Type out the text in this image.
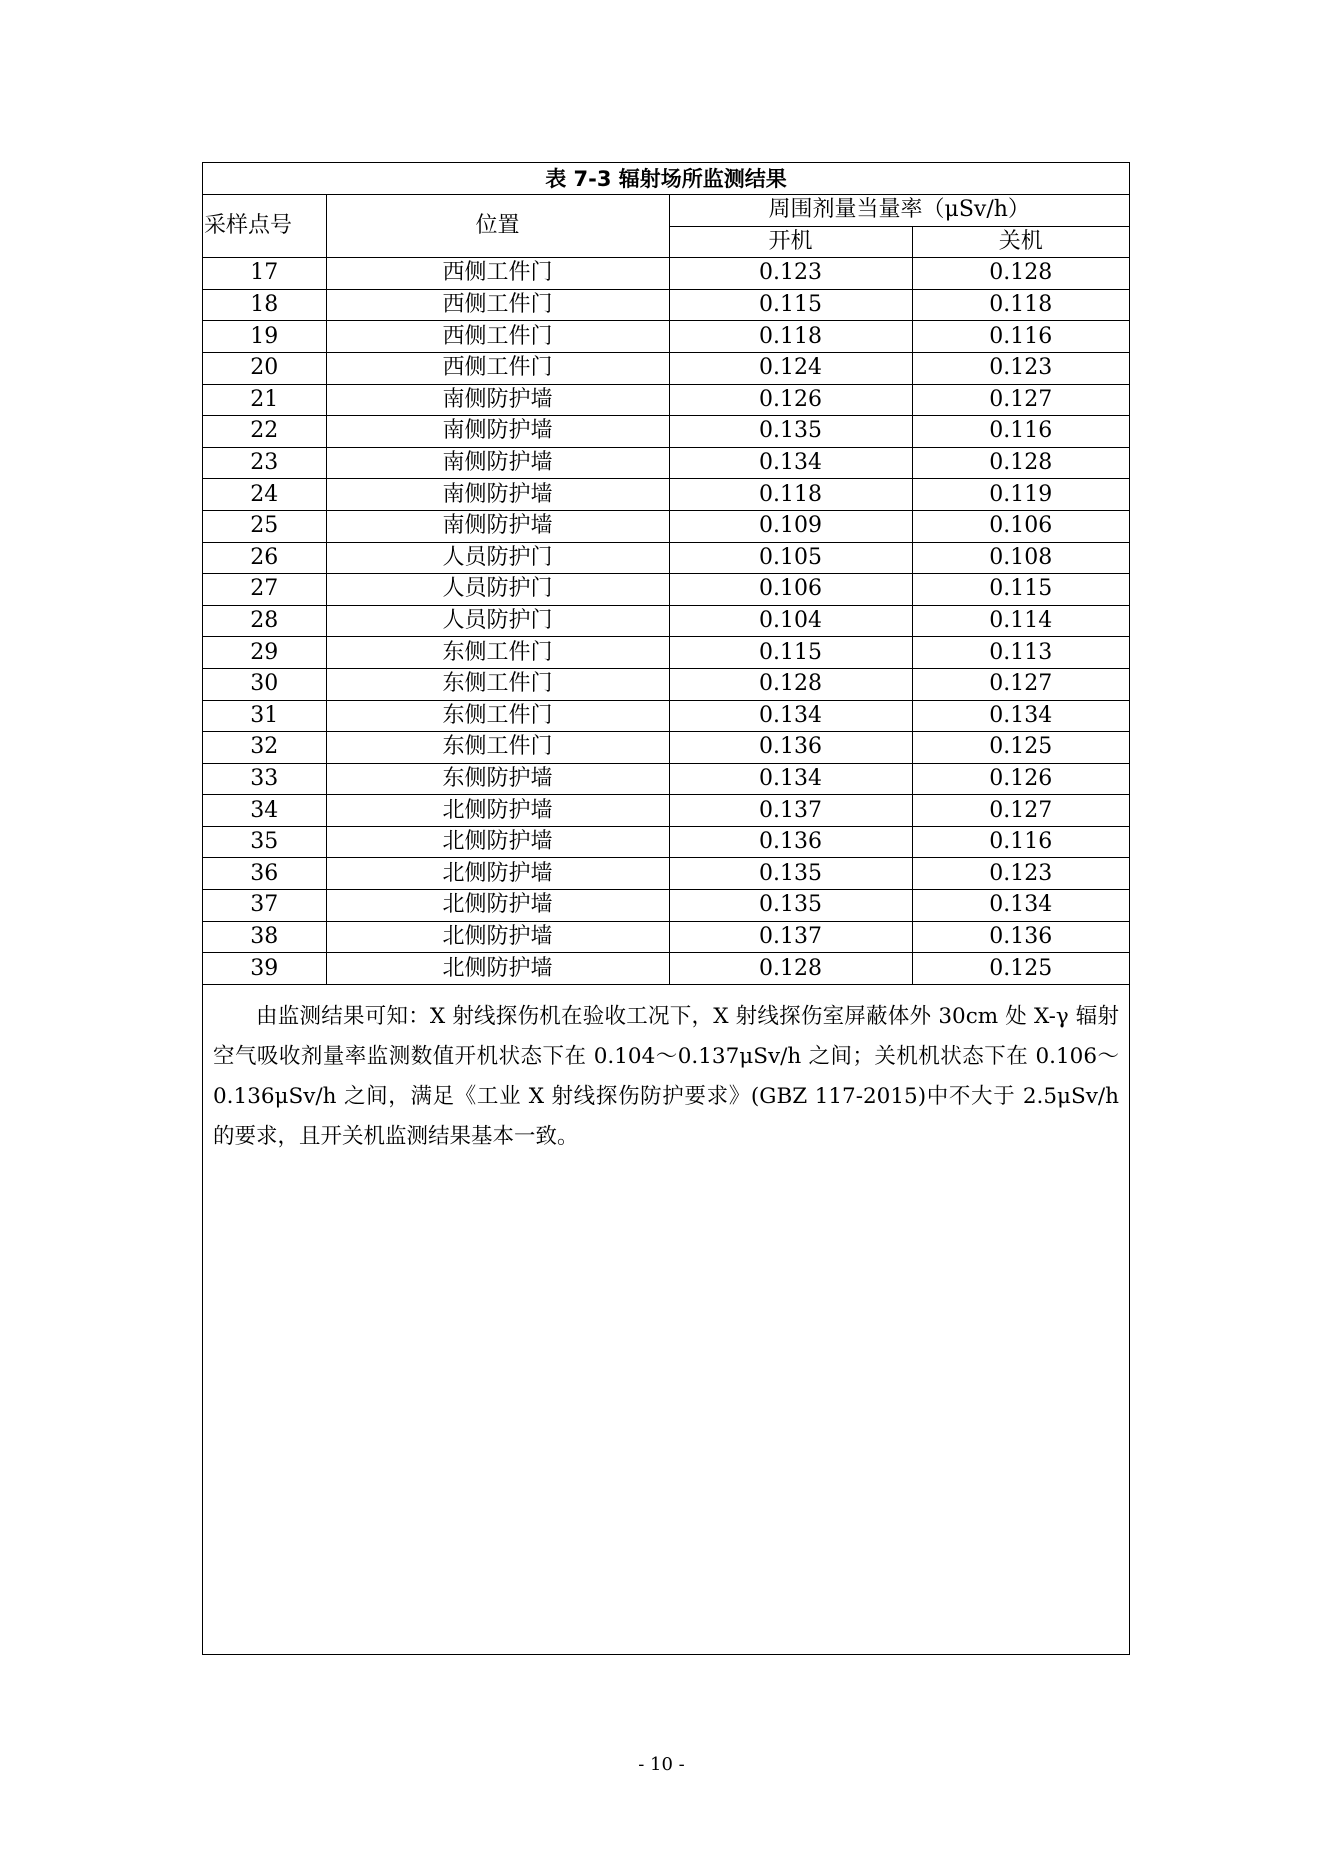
表 7-3 辐射场所监测结果			
采样点号	位置	周围剂量当量率（μSv/h）	
		开机	关机
17	西侧工件门	0.123	0.128
18	西侧工件门	0.115	0.118
19	西侧工件门	0.118	0.116
20	西侧工件门	0.124	0.123
21	南侧防护墙	0.126	0.127
22	南侧防护墙	0.135	0.116
23	南侧防护墙	0.134	0.128
24	南侧防护墙	0.118	0.119
25	南侧防护墙	0.109	0.106
26	人员防护门	0.105	0.108
27	人员防护门	0.106	0.115
28	人员防护门	0.104	0.114
29	东侧工件门	0.115	0.113
30	东侧工件门	0.128	0.127
31	东侧工件门	0.134	0.134
32	东侧工件门	0.136	0.125
33	东侧防护墙	0.134	0.126
34	北侧防护墙	0.137	0.127
35	北侧防护墙	0.136	0.116
36	北侧防护墙	0.135	0.123
37	北侧防护墙	0.135	0.134
38	北侧防护墙	0.137	0.136
39	北侧防护墙	0.128	0.125

由监测结果可知：X 射线探伤机在验收工况下，X 射线探伤室屏蔽体外 30cm 处 X-γ 辐射空气吸收剂量率监测数值开机状态下在 0.104～0.137μSv/h 之间；关机机状态下在 0.106～0.136μSv/h 之间，满足《工业 X 射线探伤防护要求》(GBZ 117-2015)中不大于 2.5μSv/h 的要求，且开关机监测结果基本一致。

- 10 -
